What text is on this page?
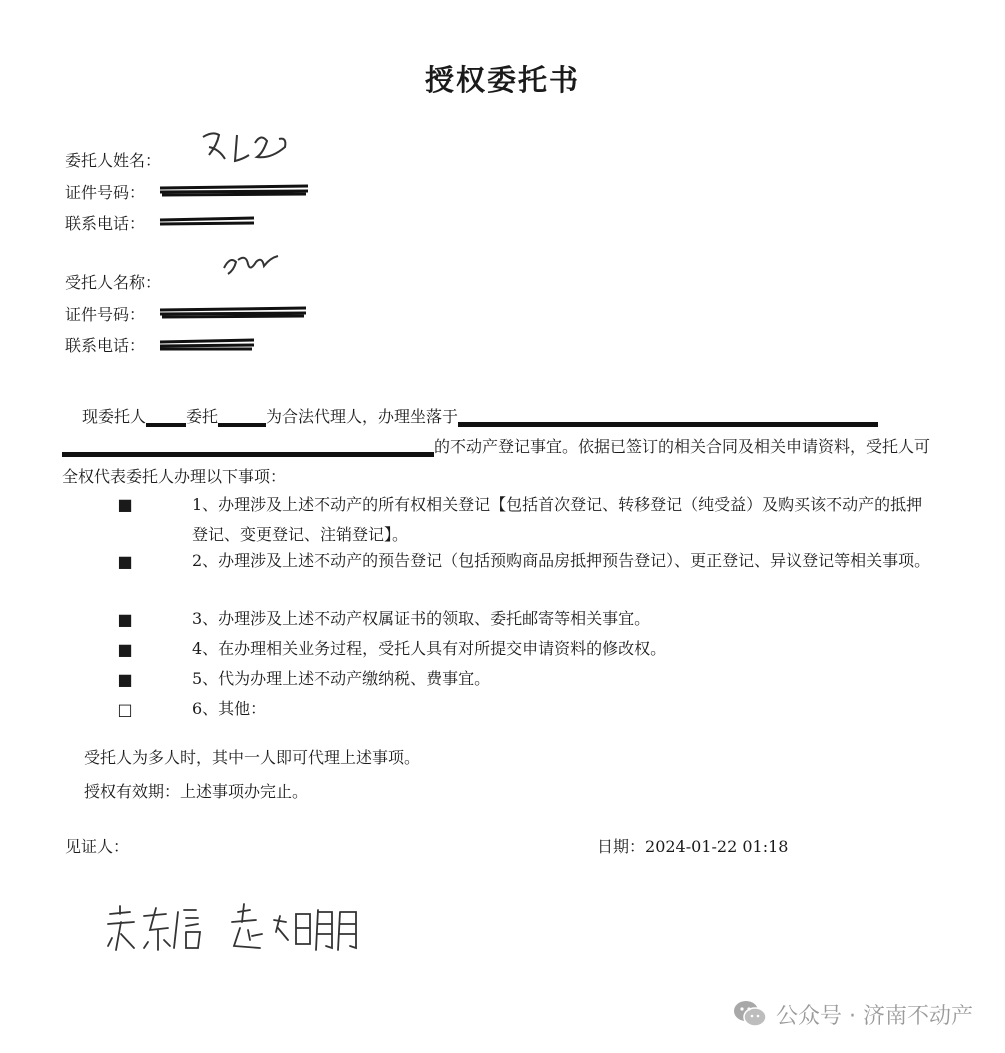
授权委托书
委托人姓名：
证件号码：
联系电话：
受托人名称：
证件号码：
联系电话：
现委托人	委托	为合法代理人，办理坐落于的不动产登记事宜。依据已签订的相关合同及相关申请资料，受托人可全权代表委托人办理以下事项：
■	1、办理涉及上述不动产的所有权相关登记【包括首次登记、转移登记（纯受益）及购买该不动产的抵押登记、变更登记、注销登记】。
■	2、办理涉及上述不动产的预告登记（包括预购商品房抵押预告登记）、更正登记、异议登记等相关事项。
■	3、办理涉及上述不动产权属证书的领取、委托邮寄等相关事宜。
■	4、在办理相关业务过程，受托人具有对所提交申请资料的修改权。
■	5、代为办理上述不动产缴纳税、费事宜。
□	6、其他：
受托人为多人时，其中一人即可代理上述事项。
授权有效期：上述事项办完止。
见证人：	日期：2024-01-22 01:18
公众号 · 济南不动产
